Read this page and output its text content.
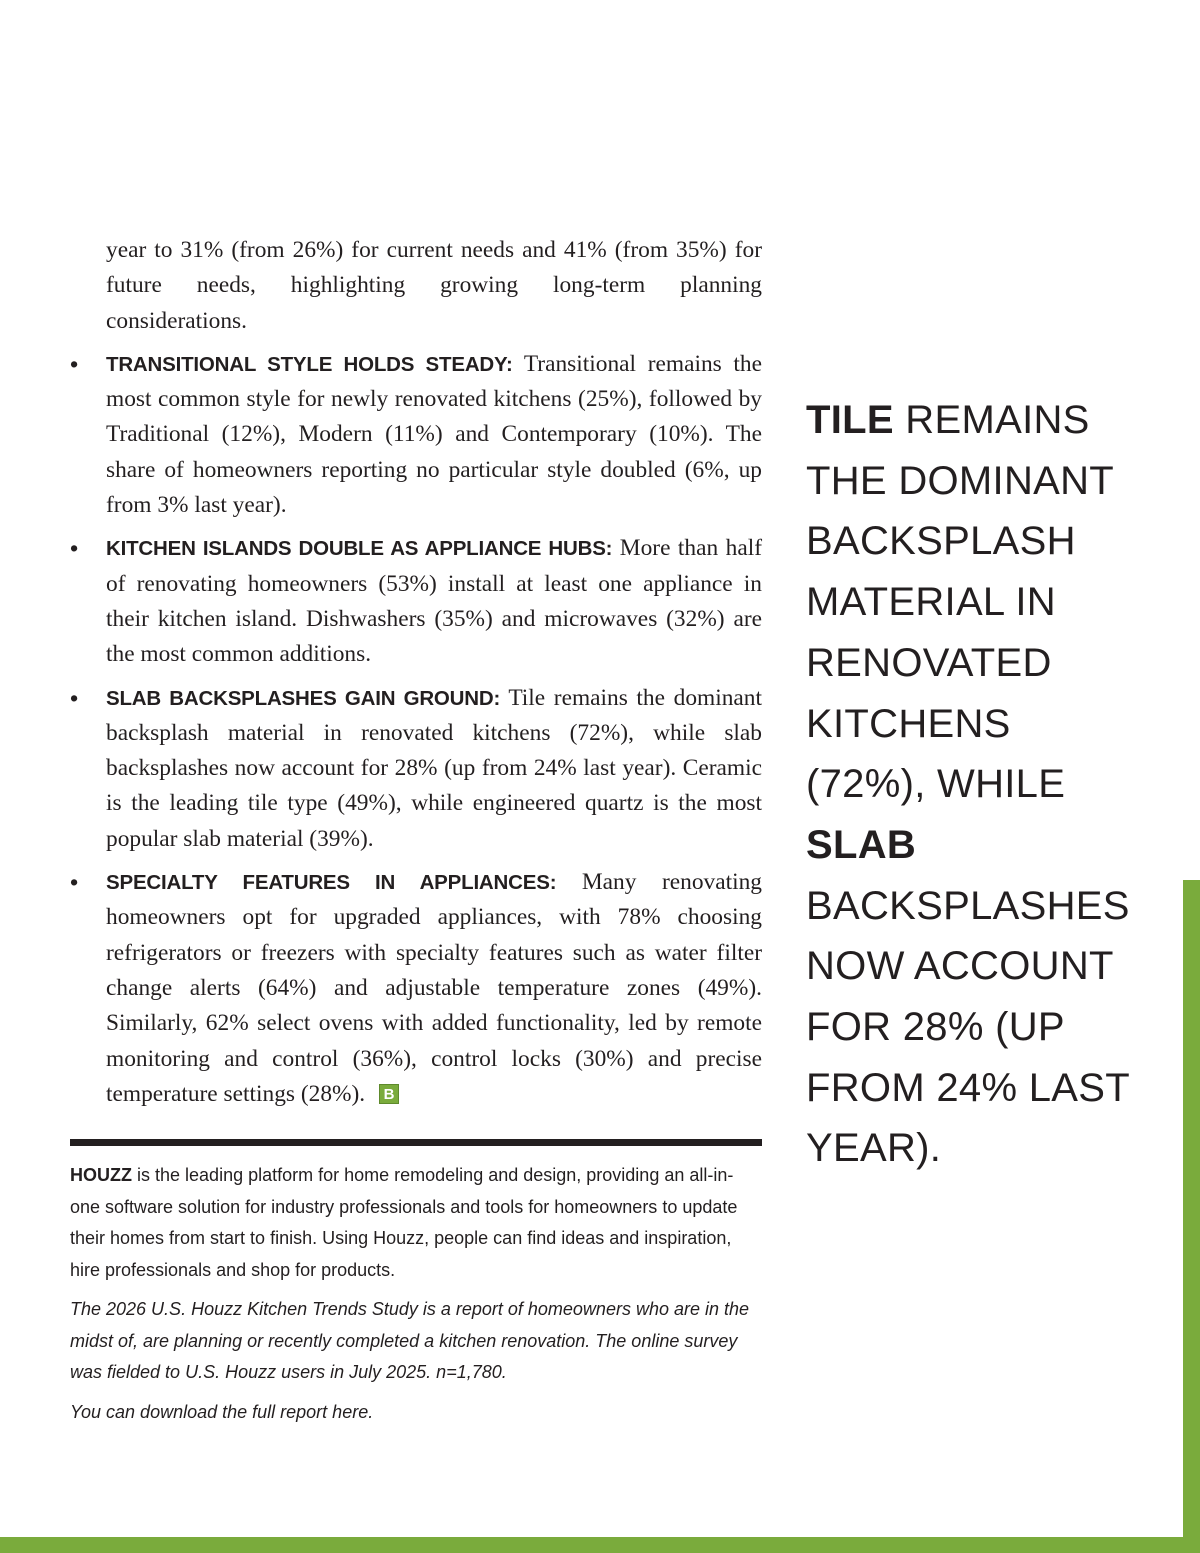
year to 31% (from 26%) for current needs and 41% (from 35%) for future needs, highlighting growing long-term planning considerations.

• TRANSITIONAL STYLE HOLDS STEADY: Transitional remains the most common style for newly renovated kitchens (25%), followed by Traditional (12%), Modern (11%) and Contemporary (10%). The share of homeowners reporting no particular style doubled (6%, up from 3% last year).
• KITCHEN ISLANDS DOUBLE AS APPLIANCE HUBS: More than half of renovating homeowners (53%) install at least one appliance in their kitchen island. Dishwashers (35%) and microwaves (32%) are the most common additions.
• SLAB BACKSPLASHES GAIN GROUND: Tile remains the dominant backsplash material in renovated kitchens (72%), while slab backsplashes now account for 28% (up from 24% last year). Ceramic is the leading tile type (49%), while engineered quartz is the most popular slab material (39%).
• SPECIALTY FEATURES IN APPLIANCES: Many renovating homeowners opt for upgraded appliances, with 78% choosing refrigerators or freezers with specialty features such as water filter change alerts (64%) and adjustable temperature zones (49%). Similarly, 62% select ovens with added functionality, led by remote monitoring and control (36%), control locks (30%) and precise temperature settings (28%). B

HOUZZ is the leading platform for home remodeling and design, providing an all-in-one software solution for industry professionals and tools for homeowners to update their homes from start to finish. Using Houzz, people can find ideas and inspiration, hire professionals and shop for products.

The 2026 U.S. Houzz Kitchen Trends Study is a report of homeowners who are in the midst of, are planning or recently completed a kitchen renovation. The online survey was fielded to U.S. Houzz users in July 2025. n=1,780.

You can download the full report here.

TILE REMAINS THE DOMINANT BACKSPLASH MATERIAL IN RENOVATED KITCHENS (72%), WHILE SLAB BACKSPLASHES NOW ACCOUNT FOR 28% (UP FROM 24% LAST YEAR).
